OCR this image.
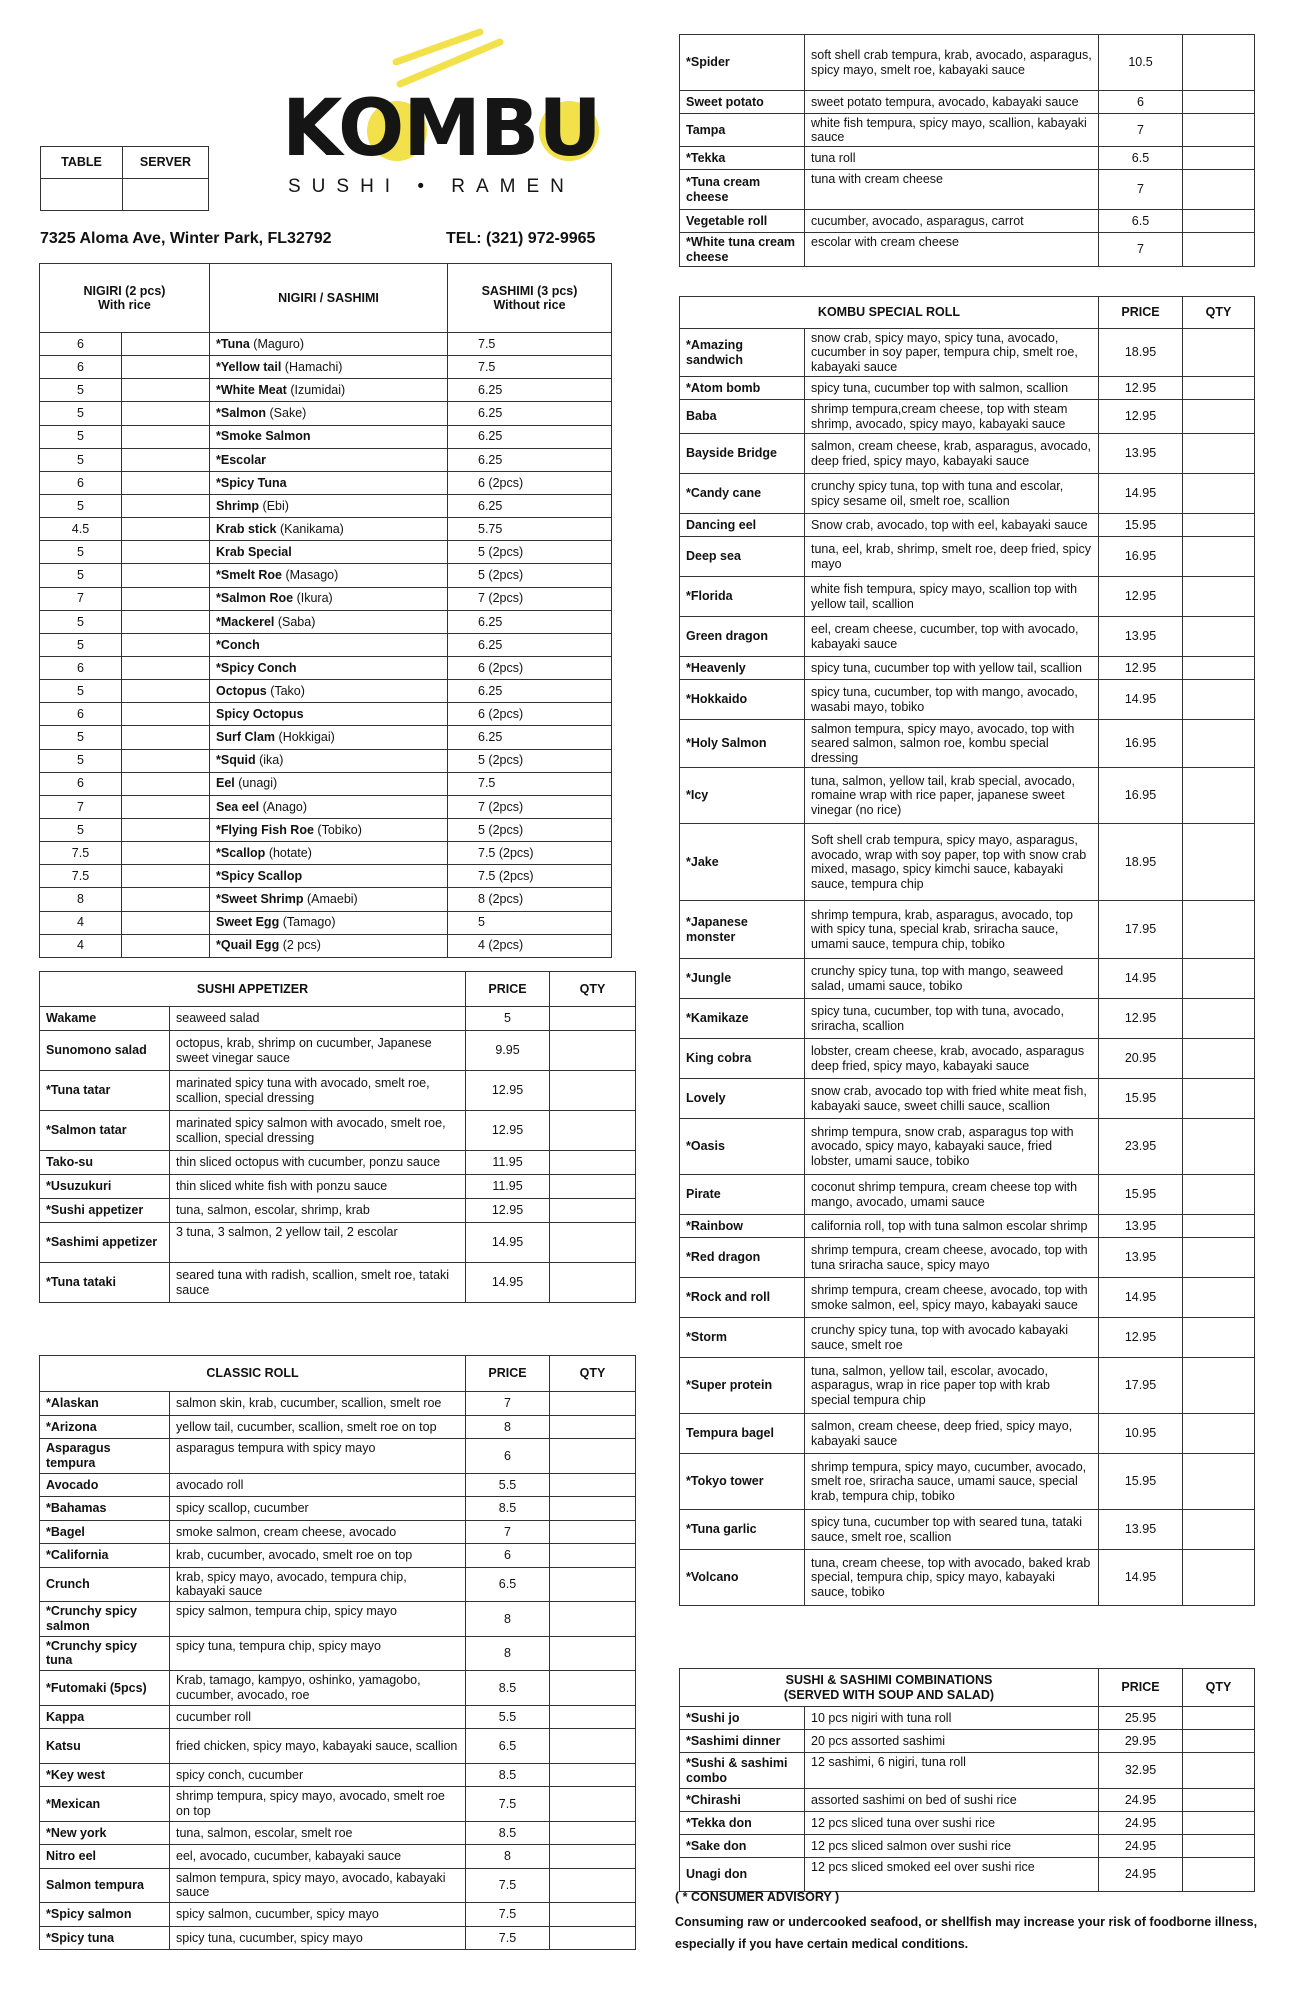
KOMBU
SUSHI • RAMEN
TABLE	SERVER

7325 Aloma Ave, Winter Park, FL32792	TEL: (321) 972-9965
NIGIRI (2 pcs)
With rice		NIGIRI / SASHIMI	SASHIMI (3 pcs)
Without rice
6		*Tuna (Maguro)	7.5
6		*Yellow tail (Hamachi)	7.5
5		*White Meat (Izumidai)	6.25
5		*Salmon (Sake)	6.25
5		*Smoke Salmon	6.25
5		*Escolar	6.25
6		*Spicy Tuna	6 (2pcs)
5		Shrimp (Ebi)	6.25
4.5		Krab stick (Kanikama)	5.75
5		Krab Special	5 (2pcs)
5		*Smelt Roe (Masago)	5 (2pcs)
7		*Salmon Roe (Ikura)	7 (2pcs)
5		*Mackerel (Saba)	6.25
5		*Conch	6.25
6		*Spicy Conch	6 (2pcs)
5		Octopus (Tako)	6.25
6		Spicy Octopus	6 (2pcs)
5		Surf Clam (Hokkigai)	6.25
5		*Squid (ika)	5 (2pcs)
6		Eel (unagi)	7.5
7		Sea eel (Anago)	7 (2pcs)
5		*Flying Fish Roe (Tobiko)	5 (2pcs)
7.5		*Scallop (hotate)	7.5 (2pcs)
7.5		*Spicy Scallop	7.5 (2pcs)
8		*Sweet Shrimp (Amaebi)	8 (2pcs)
4		Sweet Egg (Tamago)	5
4		*Quail Egg (2 pcs)	4 (2pcs)
SUSHI APPETIZER		PRICE	QTY
Wakame	seaweed salad	5	
Sunomono salad	octopus, krab, shrimp on cucumber, Japanese sweet vinegar sauce	9.95	
*Tuna tatar	marinated spicy tuna with avocado, smelt roe, scallion, special dressing	12.95	
*Salmon tatar	marinated spicy salmon with avocado, smelt roe, scallion, special dressing	12.95	
Tako-su	thin sliced octopus with cucumber, ponzu sauce	11.95	
*Usuzukuri	thin sliced white fish with ponzu sauce	11.95	
*Sushi appetizer	tuna, salmon, escolar, shrimp, krab	12.95	
*Sashimi appetizer	3 tuna, 3 salmon, 2 yellow tail, 2 escolar	14.95	
*Tuna tataki	seared tuna with radish, scallion, smelt roe, tataki sauce	14.95	
CLASSIC ROLL		PRICE	QTY
*Alaskan	salmon skin, krab, cucumber, scallion, smelt roe	7	
*Arizona	yellow tail, cucumber, scallion, smelt roe on top	8	
Asparagus tempura	asparagus tempura with spicy mayo	6	
Avocado	avocado roll	5.5	
*Bahamas	spicy scallop, cucumber	8.5	
*Bagel	smoke salmon, cream cheese, avocado	7	
*California	krab, cucumber, avocado, smelt roe on top	6	
Crunch	krab, spicy mayo, avocado, tempura chip, kabayaki sauce	6.5	
*Crunchy spicy salmon	spicy salmon, tempura chip, spicy mayo	8	
*Crunchy spicy tuna	spicy tuna, tempura chip, spicy mayo	8	
*Futomaki (5pcs)	Krab, tamago, kampyo, oshinko, yamagobo, cucumber, avocado, roe	8.5	
Kappa	cucumber roll	5.5	
Katsu	fried chicken, spicy mayo, kabayaki sauce, scallion	6.5	
*Key west	spicy conch, cucumber	8.5	
*Mexican	shrimp tempura, spicy mayo, avocado, smelt roe on top	7.5	
*New york	tuna, salmon, escolar, smelt roe	8.5	
Nitro eel	eel, avocado, cucumber, kabayaki sauce	8	
Salmon tempura	salmon tempura, spicy mayo, avocado, kabayaki sauce	7.5	
*Spicy salmon	spicy salmon, cucumber, spicy mayo	7.5	
*Spicy tuna	spicy tuna, cucumber, spicy mayo	7.5	
*Spider	soft shell crab tempura, krab, avocado, asparagus, spicy mayo, smelt roe, kabayaki sauce	10.5	
Sweet potato	sweet potato tempura, avocado, kabayaki sauce	6	
Tampa	white fish tempura, spicy mayo, scallion, kabayaki sauce	7	
*Tekka	tuna roll	6.5	
*Tuna cream cheese	tuna with cream cheese	7	
Vegetable roll	cucumber, avocado, asparagus, carrot	6.5	
*White tuna cream cheese	escolar with cream cheese	7	
KOMBU SPECIAL ROLL		PRICE	QTY
*Amazing sandwich	snow crab, spicy mayo, spicy tuna, avocado, cucumber in soy paper, tempura chip, smelt roe, kabayaki sauce	18.95	
*Atom bomb	spicy tuna, cucumber top with salmon, scallion	12.95	
Baba	shrimp tempura,cream cheese, top with steam shrimp, avocado, spicy mayo, kabayaki sauce	12.95	
Bayside Bridge	salmon, cream cheese, krab, asparagus, avocado, deep fried, spicy mayo, kabayaki sauce	13.95	
*Candy cane	crunchy spicy tuna, top with tuna and escolar, spicy sesame oil, smelt roe, scallion	14.95	
Dancing eel	Snow crab, avocado, top with eel, kabayaki sauce	15.95	
Deep sea	tuna, eel, krab, shrimp, smelt roe, deep fried, spicy mayo	16.95	
*Florida	white fish tempura, spicy mayo, scallion top with yellow tail, scallion	12.95	
Green dragon	eel, cream cheese, cucumber, top with avocado, kabayaki sauce	13.95	
*Heavenly	spicy tuna, cucumber top with yellow tail, scallion	12.95	
*Hokkaido	spicy tuna, cucumber, top with mango, avocado, wasabi mayo, tobiko	14.95	
*Holy Salmon	salmon tempura, spicy mayo, avocado, top with seared salmon, salmon roe, kombu special dressing	16.95	
*Icy	tuna, salmon, yellow tail, krab special, avocado, romaine wrap with rice paper, japanese sweet vinegar (no rice)	16.95	
*Jake	Soft shell crab tempura, spicy mayo, asparagus, avocado, wrap with soy paper, top with snow crab mixed, masago, spicy kimchi sauce, kabayaki sauce, tempura chip	18.95	
*Japanese monster	shrimp tempura, krab, asparagus, avocado, top with spicy tuna, special krab, sriracha sauce, umami sauce, tempura chip, tobiko	17.95	
*Jungle	crunchy spicy tuna, top with mango, seaweed salad, umami sauce, tobiko	14.95	
*Kamikaze	spicy tuna, cucumber, top with tuna, avocado, sriracha, scallion	12.95	
King cobra	lobster, cream cheese, krab, avocado, asparagus deep fried, spicy mayo, kabayaki sauce	20.95	
Lovely	snow crab, avocado top with fried white meat fish, kabayaki sauce, sweet chilli sauce, scallion	15.95	
*Oasis	shrimp tempura, snow crab, asparagus top with avocado, spicy mayo, kabayaki sauce, fried lobster, umami sauce, tobiko	23.95	
Pirate	coconut shrimp tempura, cream cheese top with mango, avocado, umami sauce	15.95	
*Rainbow	california roll, top with tuna salmon escolar shrimp	13.95	
*Red dragon	shrimp tempura, cream cheese, avocado, top with tuna sriracha sauce, spicy mayo	13.95	
*Rock and roll	shrimp tempura, cream cheese, avocado, top with smoke salmon, eel, spicy mayo, kabayaki sauce	14.95	
*Storm	crunchy spicy tuna, top with avocado kabayaki sauce, smelt roe	12.95	
*Super protein	tuna, salmon, yellow tail, escolar, avocado, asparagus, wrap in rice paper top with krab special tempura chip	17.95	
Tempura bagel	salmon, cream cheese, deep fried, spicy mayo, kabayaki sauce	10.95	
*Tokyo tower	shrimp tempura, spicy mayo, cucumber, avocado, smelt roe, sriracha sauce, umami sauce, special krab, tempura chip, tobiko	15.95	
*Tuna garlic	spicy tuna, cucumber top with seared tuna, tataki sauce, smelt roe, scallion	13.95	
*Volcano	tuna, cream cheese, top with avocado, baked krab special, tempura chip, spicy mayo, kabayaki sauce, tobiko	14.95	
SUSHI & SASHIMI COMBINATIONS
(SERVED WITH SOUP AND SALAD)		PRICE	QTY
*Sushi jo	10 pcs nigiri with tuna roll	25.95	
*Sashimi dinner	20 pcs assorted sashimi	29.95	
*Sushi & sashimi combo	12 sashimi, 6 nigiri, tuna roll	32.95	
*Chirashi	assorted sashimi on bed of sushi rice	24.95	
*Tekka don	12 pcs sliced tuna over sushi rice	24.95	
*Sake don	12 pcs sliced salmon over sushi rice	24.95	
Unagi don	12 pcs sliced smoked eel over sushi rice	24.95	
( * CONSUMER ADVISORY )
Consuming raw or undercooked seafood, or shellfish may increase your risk of foodborne illness, especially if you have certain medical conditions.
